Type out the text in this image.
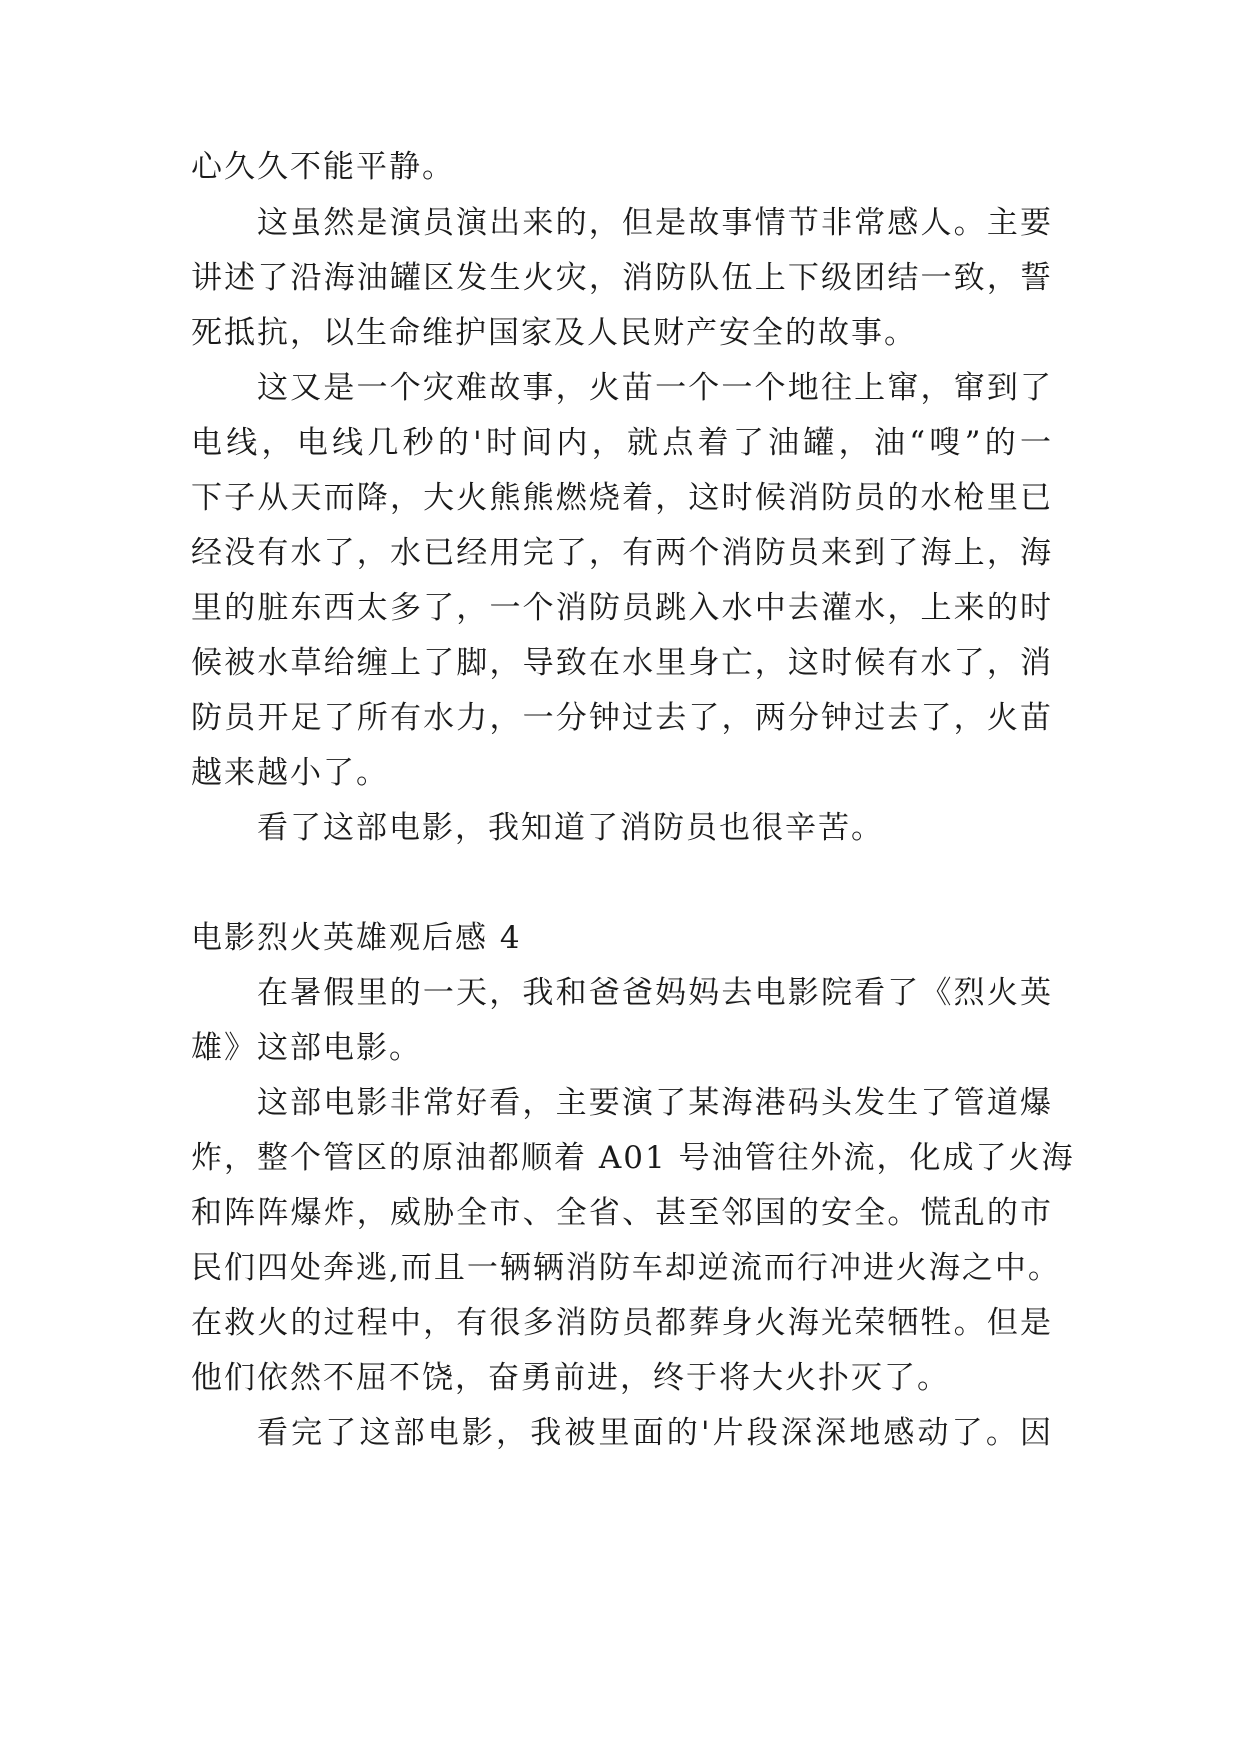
心久久不能平静。
这虽然是演员演出来的，但是故事情节非常感人。主要
讲述了沿海油罐区发生火灾，消防队伍上下级团结一致，誓
死抵抗，以生命维护国家及人民财产安全的故事。
这又是一个灾难故事，火苗一个一个地往上窜，窜到了
电线，电线几秒的'时间内，就点着了油罐，油“嗖”的一
下子从天而降，大火熊熊燃烧着，这时候消防员的水枪里已
经没有水了，水已经用完了，有两个消防员来到了海上，海
里的脏东西太多了，一个消防员跳入水中去灌水，上来的时
候被水草给缠上了脚，导致在水里身亡，这时候有水了，消
防员开足了所有水力，一分钟过去了，两分钟过去了，火苗
越来越小了。
看了这部电影，我知道了消防员也很辛苦。
电影烈火英雄观后感 4
在暑假里的一天，我和爸爸妈妈去电影院看了《烈火英
雄》这部电影。
这部电影非常好看，主要演了某海港码头发生了管道爆
炸，整个管区的原油都顺着 A01 号油管往外流，化成了火海
和阵阵爆炸，威胁全市、全省、甚至邻国的安全。慌乱的市
民们四处奔逃,而且一辆辆消防车却逆流而行冲进火海之中。
在救火的过程中，有很多消防员都葬身火海光荣牺牲。但是
他们依然不屈不饶，奋勇前进，终于将大火扑灭了。
看完了这部电影，我被里面的'片段深深地感动了。因
